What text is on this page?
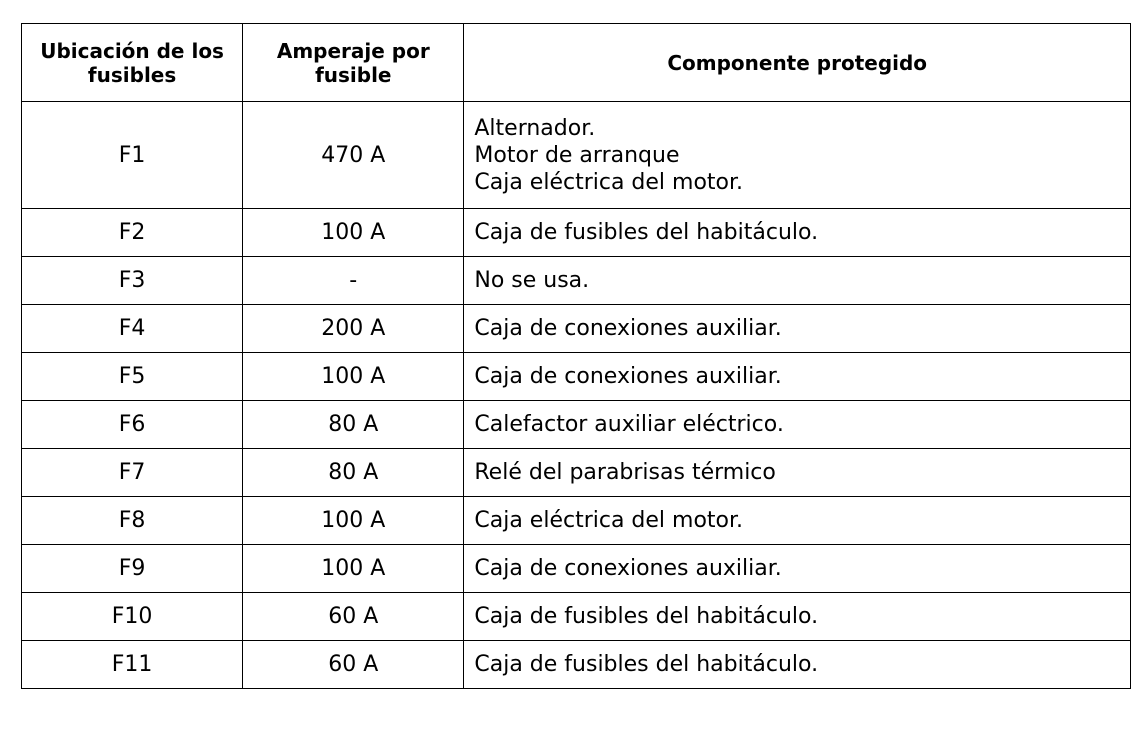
Ubicación de los fusibles	Amperaje por fusible	Componente protegido
F1	470 A	Alternador.
Motor de arranque
Caja eléctrica del motor.

F2	100 A	Caja de fusibles del habitáculo.
F3	-	No se usa.
F4	200 A	Caja de conexiones auxiliar.
F5	100 A	Caja de conexiones auxiliar.
F6	80 A	Calefactor auxiliar eléctrico.
F7	80 A	Relé del parabrisas térmico
F8	100 A	Caja eléctrica del motor.
F9	100 A	Caja de conexiones auxiliar.
F10	60 A	Caja de fusibles del habitáculo.
F11	60 A	Caja de fusibles del habitáculo.
